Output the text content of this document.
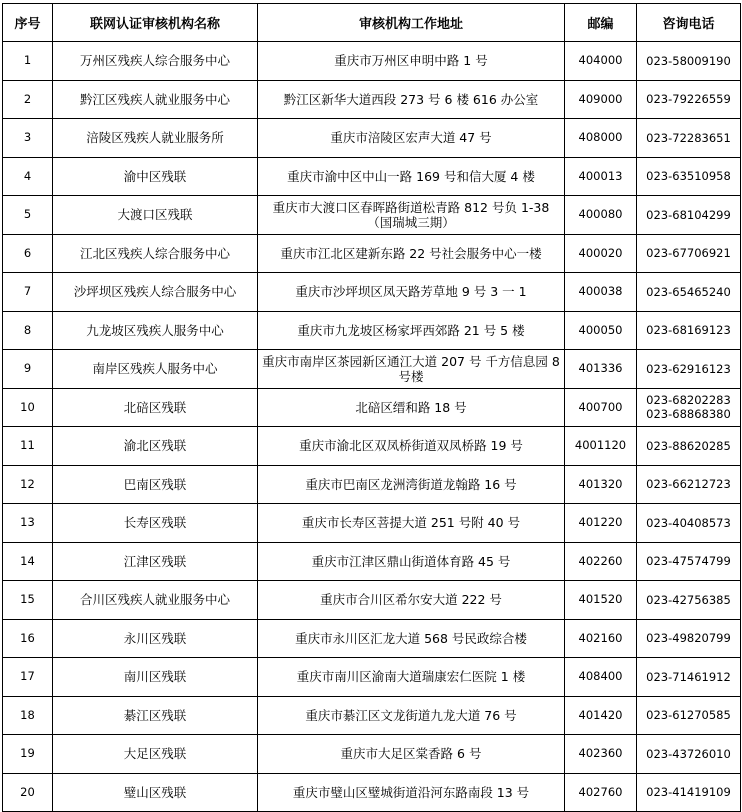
序号	联网认证审核机构名称	审核机构工作地址	邮编	咨询电话
1	万州区残疾人综合服务中心	重庆市万州区申明中路 1 号	404000	023-58009190

2	黔江区残疾人就业服务中心	黔江区新华大道西段 273 号 6 楼 616 办公室	409000	023-79226559

3	涪陵区残疾人就业服务所	重庆市涪陵区宏声大道 47 号	408000	023-72283651

4	渝中区残联	重庆市渝中区中山一路 169 号和信大厦 4 楼	400013	023-63510958

5	大渡口区残联	重庆市大渡口区春晖路街道松青路 812 号负 1-38 （国瑞城三期）	400080	023-68104299

6	江北区残疾人综合服务中心	重庆市江北区建新东路 22 号社会服务中心一楼	400020	023-67706921

7	沙坪坝区残疾人综合服务中心	重庆市沙坪坝区凤天路芳草地 9 号 3 一 1	400038	023-65465240

8	九龙坡区残疾人服务中心	重庆市九龙坡区杨家坪西郊路 21 号 5 楼	400050	023-68169123

9	南岸区残疾人服务中心	重庆市南岸区茶园新区通江大道 207 号 千方信息园 8 号楼	401336	023-62916123

10	北碚区残联	北碚区缙和路 18 号	400700	023-68202283
023-68868380

11	渝北区残联	重庆市渝北区双凤桥街道双凤桥路 19 号	4001120	023-88620285

12	巴南区残联	重庆市巴南区龙洲湾街道龙翰路 16 号	401320	023-66212723

13	长寿区残联	重庆市长寿区菩提大道 251 号附 40 号	401220	023-40408573

14	江津区残联	重庆市江津区鼎山街道体育路 45 号	402260	023-47574799

15	合川区残疾人就业服务中心	重庆市合川区希尔安大道 222 号	401520	023-42756385

16	永川区残联	重庆市永川区汇龙大道 568 号民政综合楼	402160	023-49820799

17	南川区残联	重庆市南川区渝南大道瑞康宏仁医院 1 楼	408400	023-71461912

18	綦江区残联	重庆市綦江区文龙街道九龙大道 76 号	401420	023-61270585

19	大足区残联	重庆市大足区棠香路 6 号	402360	023-43726010

20	璧山区残联	重庆市璧山区璧城街道沿河东路南段 13 号	402760	023-41419109
